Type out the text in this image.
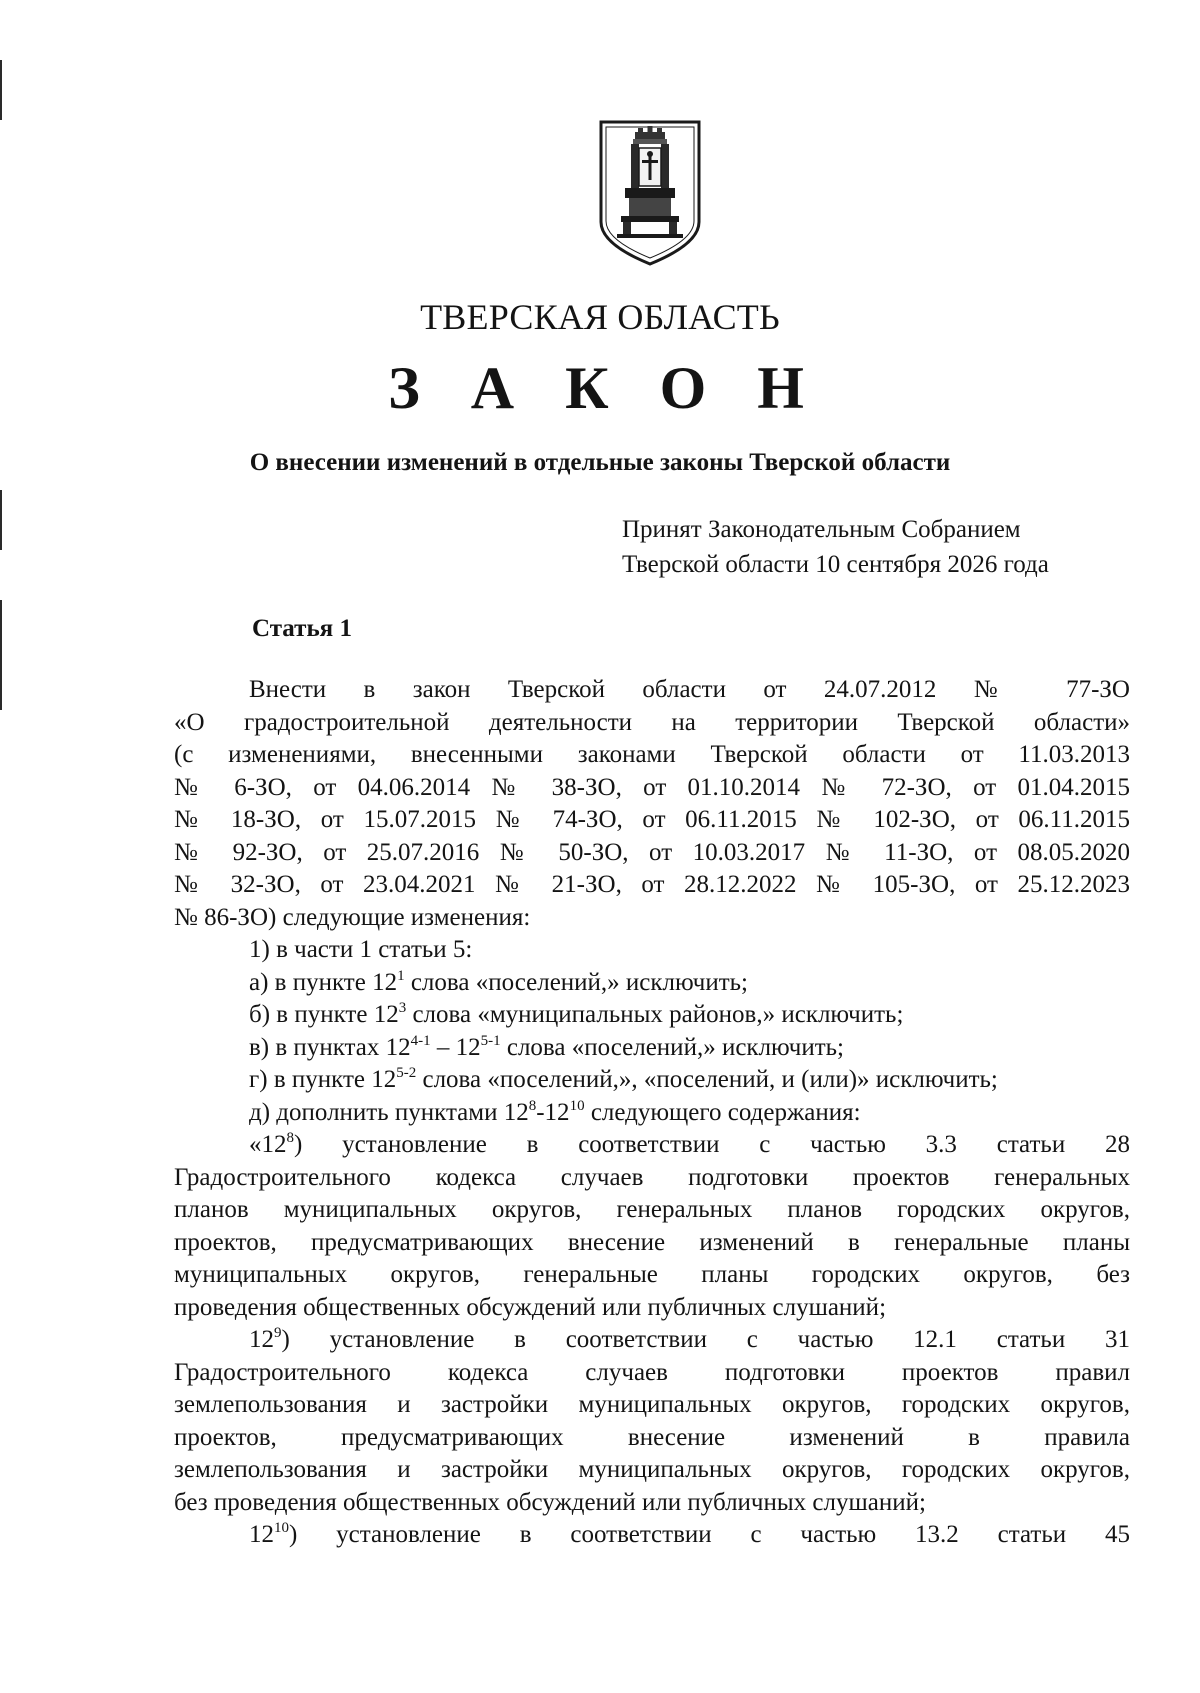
ТВЕРСКАЯ ОБЛАСТЬ

З А К О Н

О внесении изменений в отдельные законы Тверской области
Принят Законодательным Собранием
Тверской области 10 сентября 2026 года
Статья 1
Внести в закон Тверской области от 24.07.2012 № 77-ЗО
«О градостроительной деятельности на территории Тверской области»
(с изменениями, внесенными законами Тверской области от 11.03.2013
№ 6-ЗО, от 04.06.2014 № 38-ЗО, от 01.10.2014 № 72-ЗО, от 01.04.2015
№ 18-ЗО, от 15.07.2015 № 74-ЗО, от 06.11.2015 № 102-ЗО, от 06.11.2015
№ 92-ЗО, от 25.07.2016 № 50-ЗО, от 10.03.2017 № 11-ЗО, от 08.05.2020
№ 32-ЗО, от 23.04.2021 № 21-ЗО, от 28.12.2022 № 105-ЗО, от 25.12.2023
№ 86-ЗО) следующие изменения:
1) в части 1 статьи 5:
а) в пункте $12^1$ слова «поселений,» исключить;
б) в пункте $12^3$ слова «муниципальных районов,» исключить;
в) в пунктах 12$^{4-1}$ – 12$^{5-1}$ слова «поселений,» исключить;
г) в пункте 12$^{5-2}$ слова «поселений,», «поселений, и (или)» исключить;
д) дополнить пунктами $12^8-12^{10}$ следующего содержания:
«$12^8$) установление в соответствии с частью 3.3 статьи 28
Градостроительного кодекса случаев подготовки проектов генеральных
планов муниципальных округов, генеральных планов городских округов,
проектов, предусматривающих внесение изменений в генеральные планы
муниципальных округов, генеральные планы городских округов, без
проведения общественных обсуждений или публичных слушаний;
$12^9$) установление в соответствии с частью 12.1 статьи 31
Градостроительного кодекса случаев подготовки проектов правил
землепользования и застройки муниципальных округов, городских округов,
проектов, предусматривающих внесение изменений в правила
землепользования и застройки муниципальных округов, городских округов,
без проведения общественных обсуждений или публичных слушаний;
$12^{10}$) установление в соответствии с частью 13.2 статьи 45
